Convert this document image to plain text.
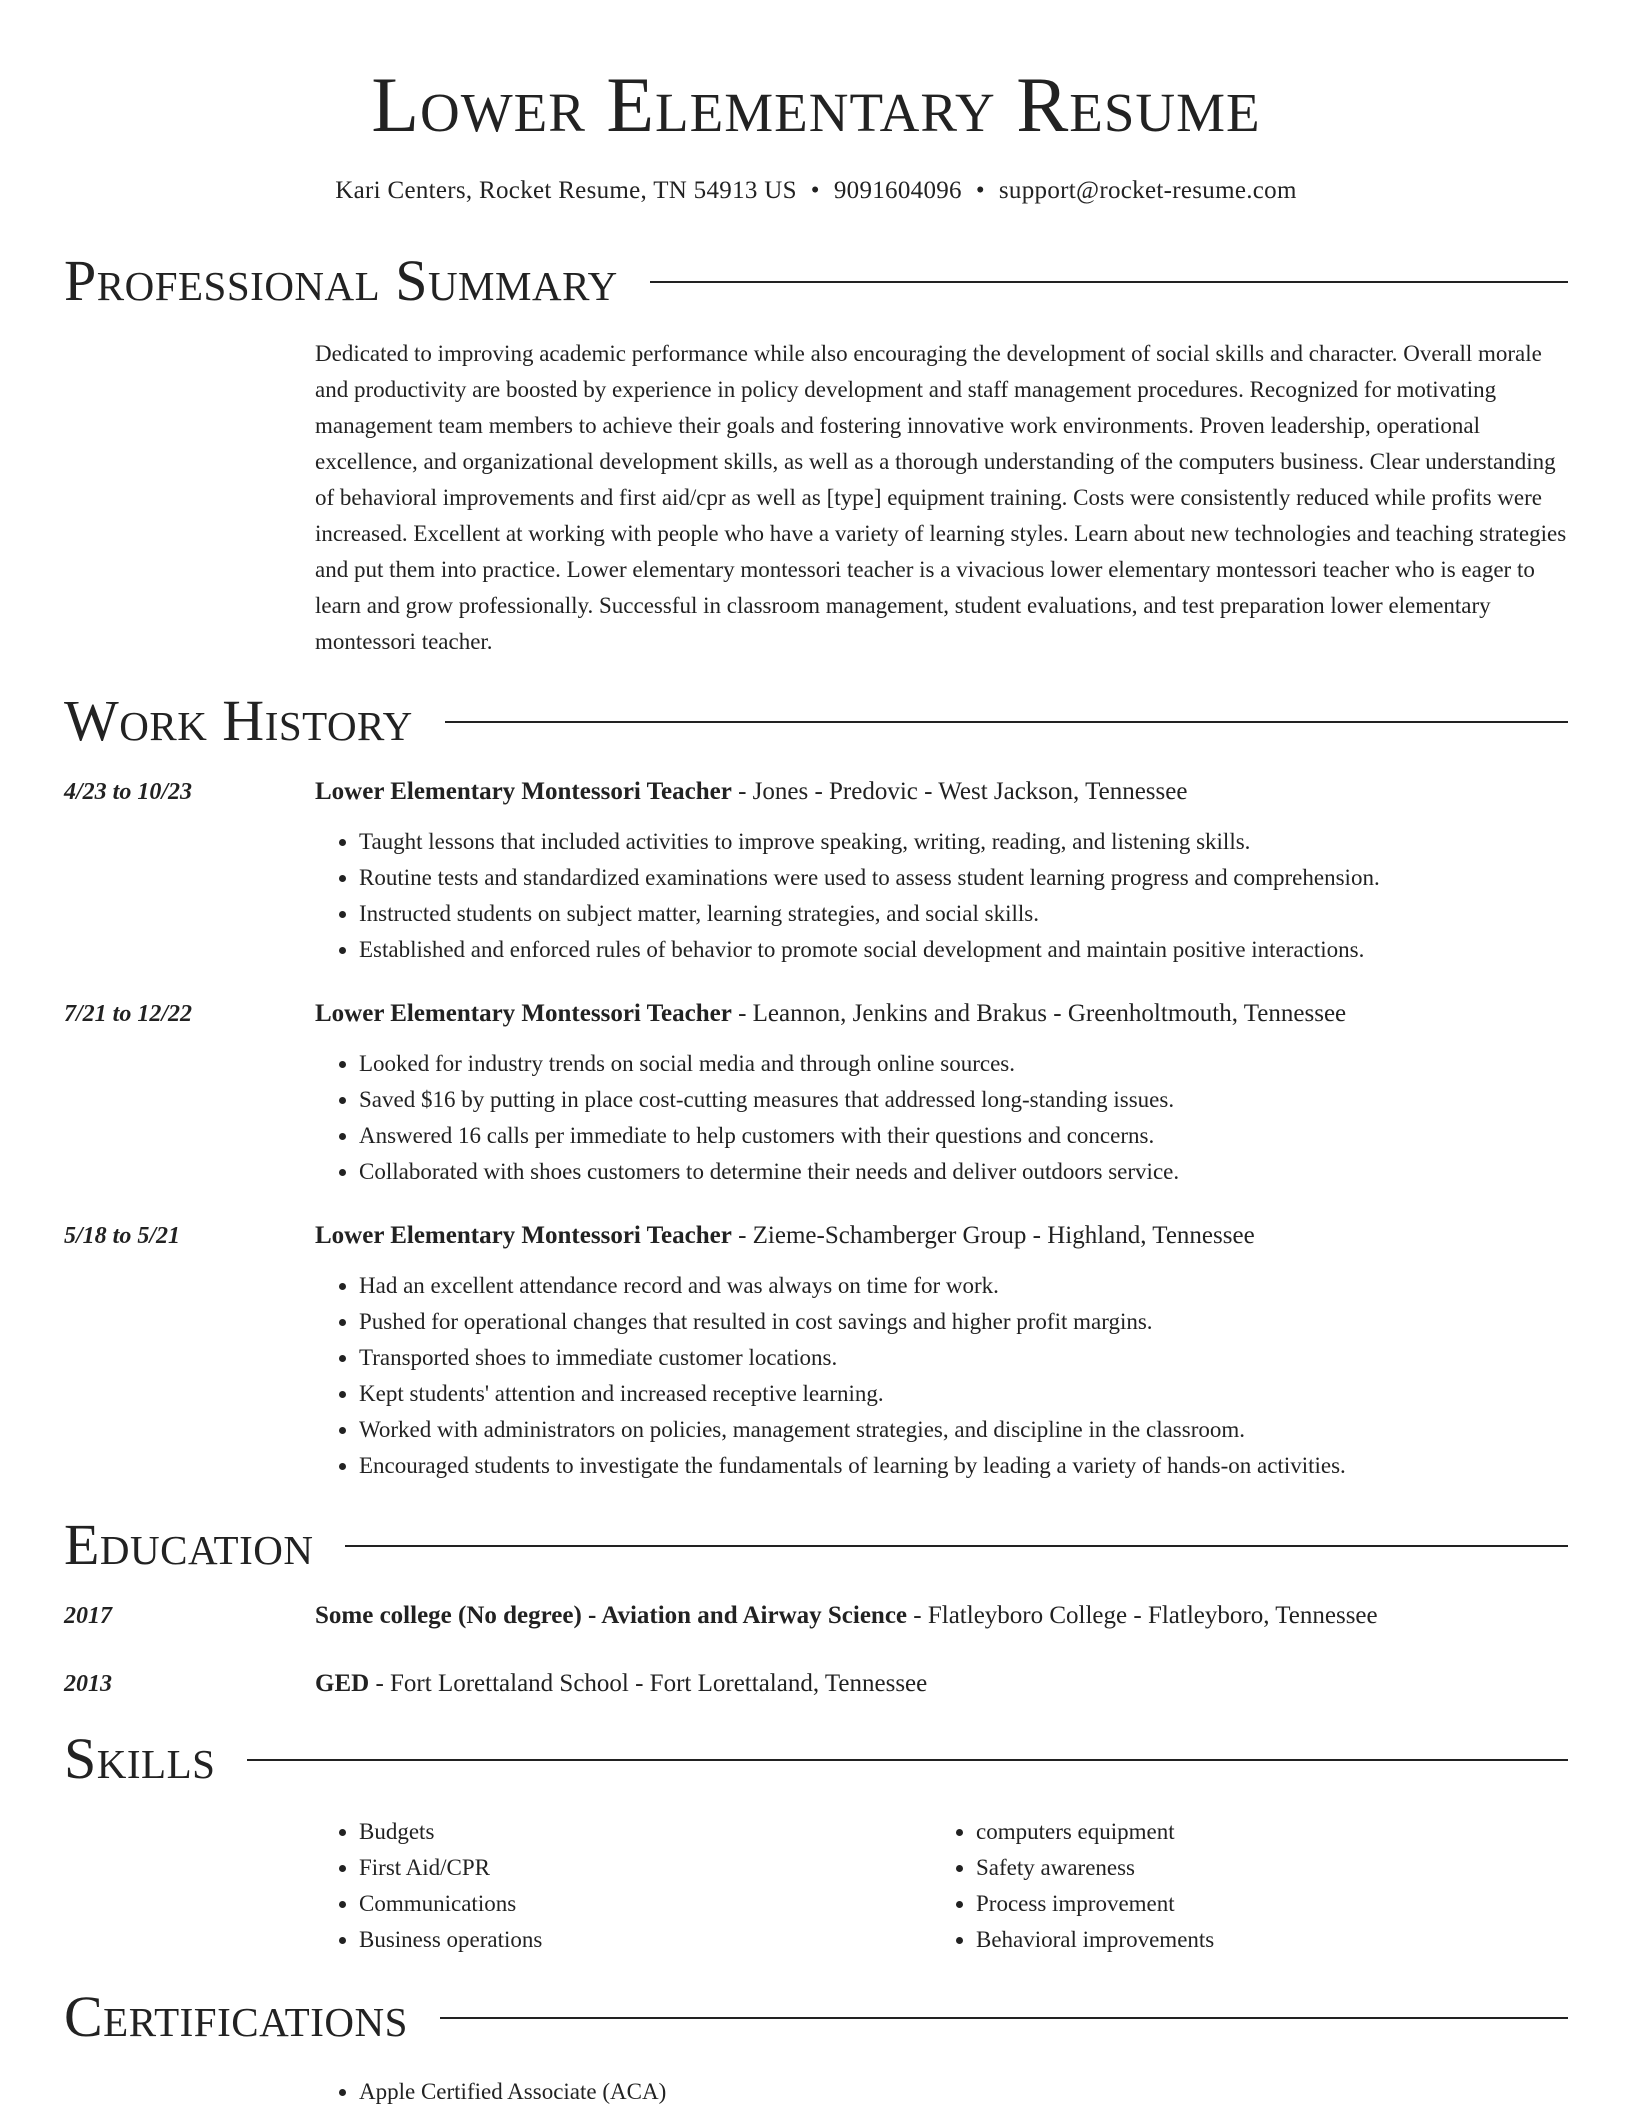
Lower Elementary Resume
Kari Centers, Rocket Resume, TN 54913 US • 9091604096 • support@rocket-resume.com
Professional Summary

Dedicated to improving academic performance while also encouraging the development of social skills and character. Overall morale and productivity are boosted by experience in policy development and staff management procedures. Recognized for motivating management team members to achieve their goals and fostering innovative work environments. Proven leadership, operational excellence, and organizational development skills, as well as a thorough understanding of the computers business. Clear understanding of behavioral improvements and first aid/cpr as well as [type] equipment training. Costs were consistently reduced while profits were increased. Excellent at working with people who have a variety of learning styles. Learn about new technologies and teaching strategies and put them into practice. Lower elementary montessori teacher is a vivacious lower elementary montessori teacher who is eager to learn and grow professionally. Successful in classroom management, student evaluations, and test preparation lower elementary montessori teacher.

Work History
4/23 to 10/23	Lower Elementary Montessori Teacher - Jones - Predovic - West Jackson, Tennessee
• Taught lessons that included activities to improve speaking, writing, reading, and listening skills.
• Routine tests and standardized examinations were used to assess student learning progress and comprehension.
• Instructed students on subject matter, learning strategies, and social skills.
• Established and enforced rules of behavior to promote social development and maintain positive interactions.
7/21 to 12/22	Lower Elementary Montessori Teacher - Leannon, Jenkins and Brakus - Greenholtmouth, Tennessee
• Looked for industry trends on social media and through online sources.
• Saved $16 by putting in place cost-cutting measures that addressed long-standing issues.
• Answered 16 calls per immediate to help customers with their questions and concerns.
• Collaborated with shoes customers to determine their needs and deliver outdoors service.
5/18 to 5/21	Lower Elementary Montessori Teacher - Zieme-Schamberger Group - Highland, Tennessee
• Had an excellent attendance record and was always on time for work.
• Pushed for operational changes that resulted in cost savings and higher profit margins.
• Transported shoes to immediate customer locations.
• Kept students' attention and increased receptive learning.
• Worked with administrators on policies, management strategies, and discipline in the classroom.
• Encouraged students to investigate the fundamentals of learning by leading a variety of hands-on activities.
Education
2017	Some college (No degree) - Aviation and Airway Science - Flatleyboro College - Flatleyboro, Tennessee
2013	GED - Fort Lorettaland School - Fort Lorettaland, Tennessee
Skills
• Budgets
• First Aid/CPR
• Communications
• Business operations
• computers equipment
• Safety awareness
• Process improvement
• Behavioral improvements
Certifications
• Apple Certified Associate (ACA)
